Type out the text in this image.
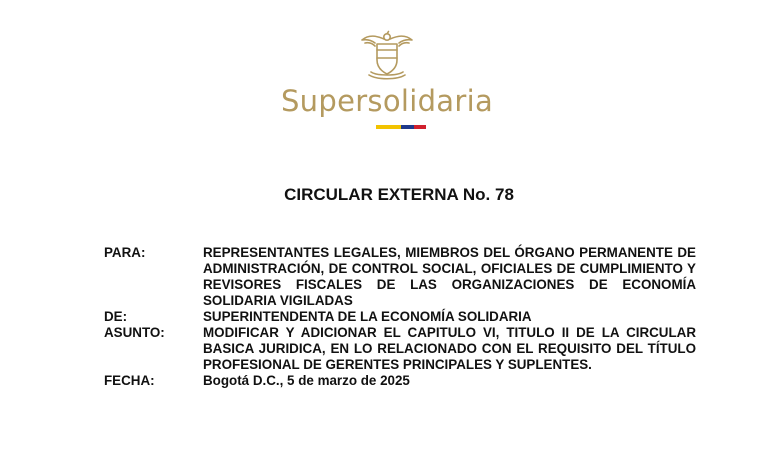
Supersolidaria
CIRCULAR EXTERNA No. 78
PARA:	REPRESENTANTES LEGALES, MIEMBROS DEL ÓRGANO PERMANENTE DE ADMINISTRACIÓN, DE CONTROL SOCIAL, OFICIALES DE CUMPLIMIENTO Y REVISORES FISCALES DE LAS ORGANIZACIONES DE ECONOMÍA SOLIDARIA VIGILADAS
DE:	SUPERINTENDENTA DE LA ECONOMÍA SOLIDARIA
ASUNTO:	MODIFICAR Y ADICIONAR EL CAPITULO VI, TITULO II DE LA CIRCULAR BASICA JURIDICA, EN LO RELACIONADO CON EL REQUISITO DEL TÍTULO PROFESIONAL DE GERENTES PRINCIPALES Y SUPLENTES.
FECHA:	Bogotá D.C., 5 de marzo de 2025
